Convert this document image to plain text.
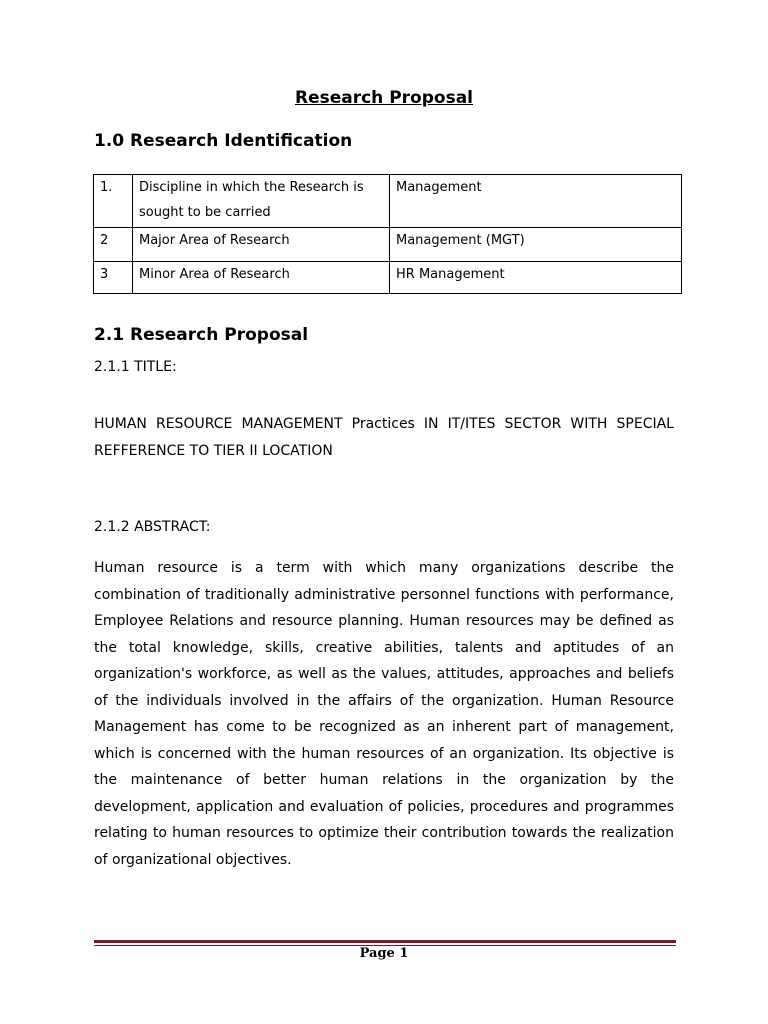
Research Proposal
1.0 Research Identification
1.	Discipline in which the Research is sought to be carried	Management
2	Major Area of Research	Management (MGT)
3	Minor Area of Research	HR Management
2.1 Research Proposal

2.1.1 TITLE:

HUMAN RESOURCE MANAGEMENT Practices IN IT/ITES SECTOR WITH SPECIAL REFFERENCE TO TIER II LOCATION

2.1.2 ABSTRACT:

Human resource is a term with which many organizations describe the combination of traditionally administrative personnel functions with performance, Employee Relations and resource planning. Human resources may be defined as the total knowledge, skills, creative abilities, talents and aptitudes of an organization's workforce, as well as the values, attitudes, approaches and beliefs of the individuals involved in the affairs of the organization. Human Resource Management has come to be recognized as an inherent part of management, which is concerned with the human resources of an organization. Its objective is the maintenance of better human relations in the organization by the development, application and evaluation of policies, procedures and programmes relating to human resources to optimize their contribution towards the realization of organizational objectives.

Page 1
